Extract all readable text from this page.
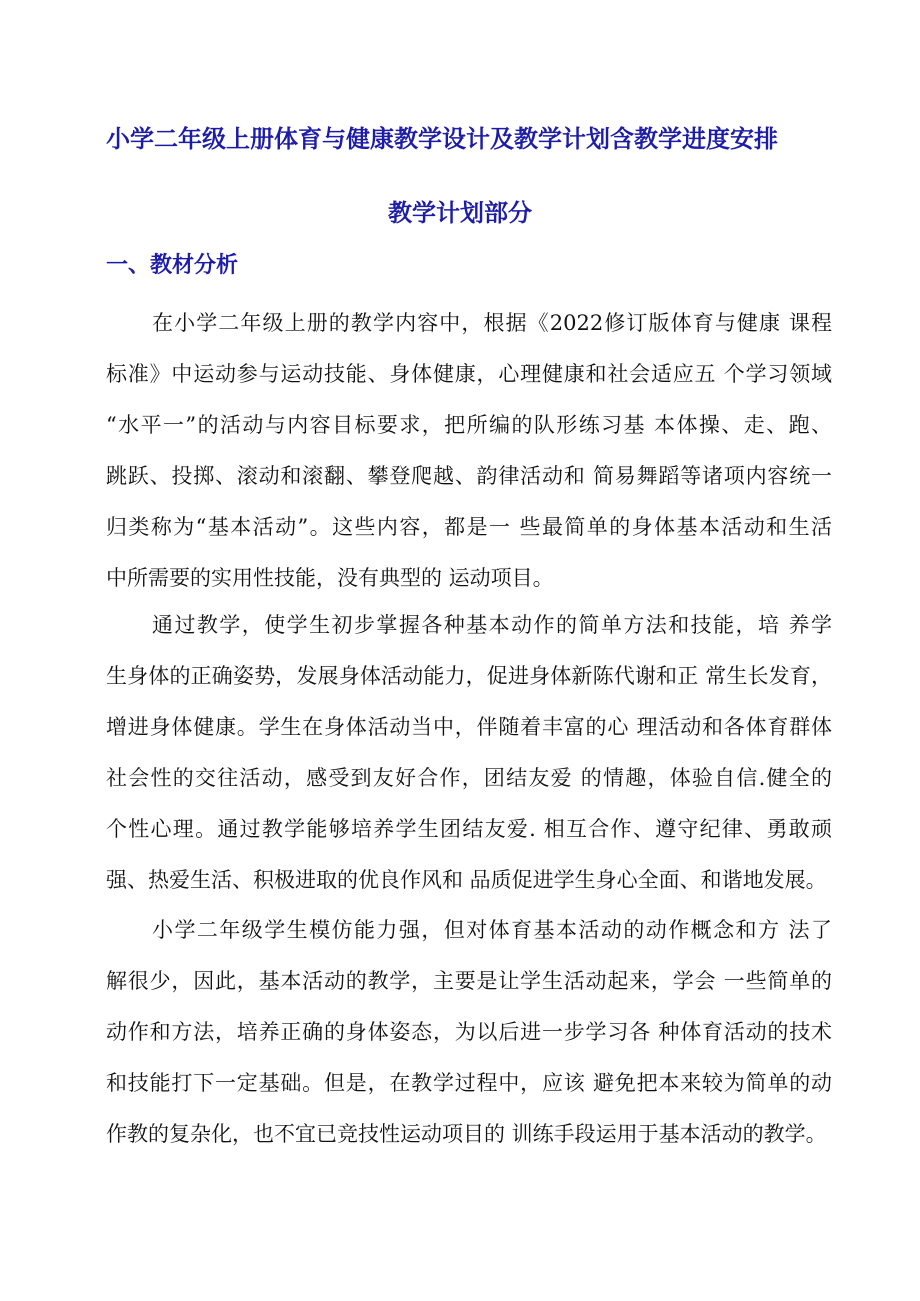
小学二年级上册体育与健康教学设计及教学计划含教学进度安排
教学计划部分
一、教材分析
在小学二年级上册的教学内容中，根据《2022修订版体育与健康 课程
标准》中运动参与运动技能、身体健康，心理健康和社会适应五 个学习领域
“水平一”的活动与内容目标要求，把所编的队形练习基 本体操、走、跑、
跳跃、投掷、滚动和滚翻、攀登爬越、韵律活动和 简易舞蹈等诸项内容统一
归类称为“基本活动”。这些内容，都是一 些最简单的身体基本活动和生活
中所需要的实用性技能，没有典型的 运动项目。
通过教学，使学生初步掌握各种基本动作的简单方法和技能，培 养学
生身体的正确姿势，发展身体活动能力，促进身体新陈代谢和正 常生长发育，
增进身体健康。学生在身体活动当中，伴随着丰富的心 理活动和各体育群体
社会性的交往活动，感受到友好合作，团结友爱 的情趣，体验自信.健全的
个性心理。通过教学能够培养学生团结友爱. 相互合作、遵守纪律、勇敢顽
强、热爱生活、积极进取的优良作风和 品质促进学生身心全面、和谐地发展。
小学二年级学生模仿能力强，但对体育基本活动的动作概念和方 法了
解很少，因此，基本活动的教学，主要是让学生活动起来，学会 一些简单的
动作和方法，培养正确的身体姿态，为以后进一步学习各 种体育活动的技术
和技能打下一定基础。但是，在教学过程中，应该 避免把本来较为简单的动
作教的复杂化，也不宜已竞技性运动项目的 训练手段运用于基本活动的教学。
